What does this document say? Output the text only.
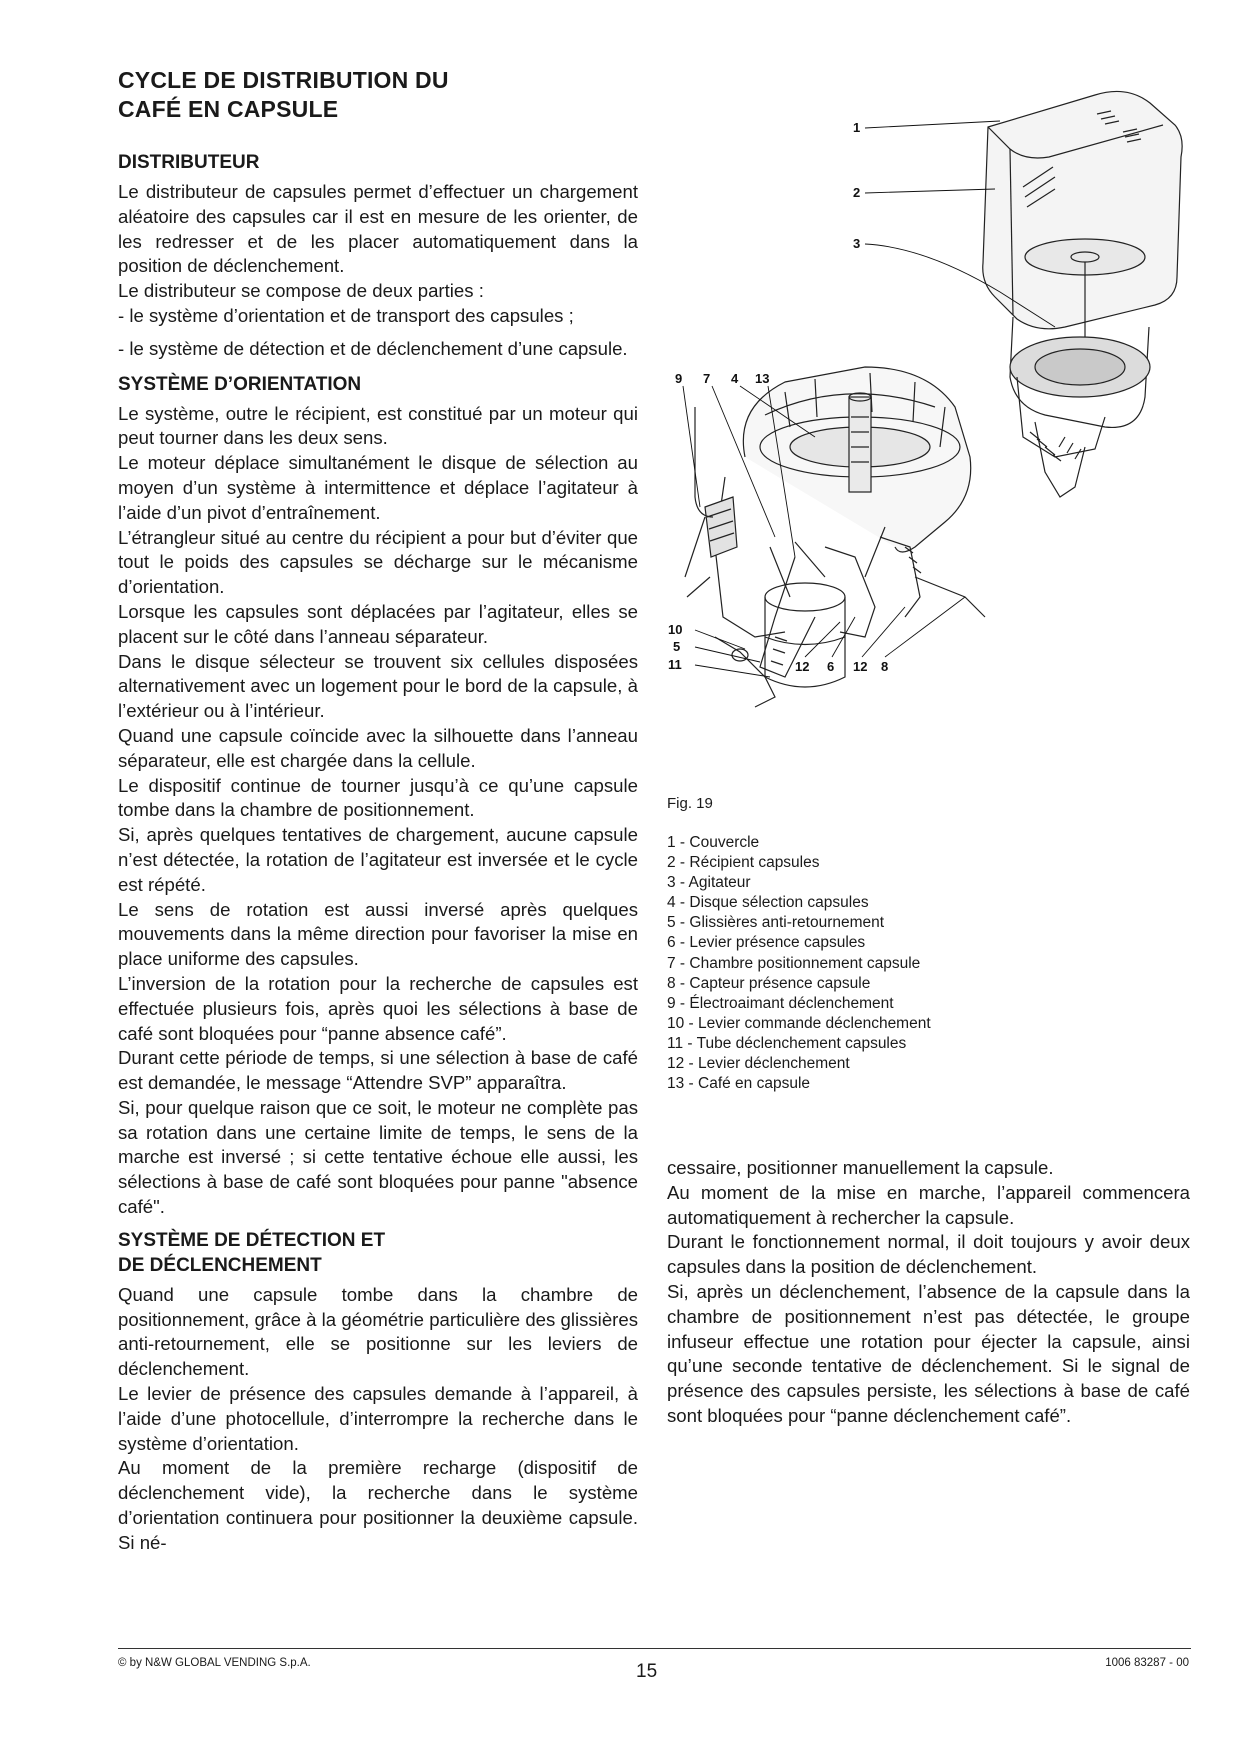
CYCLE DE DISTRIBUTION DU
CAFÉ EN CAPSULE
DISTRIBUTEUR

Le distributeur de capsules permet d’effectuer un chargement aléatoire des capsules car il est en mesure de les orienter, de les redresser et de les placer automatiquement dans la position de déclenchement.

Le distributeur se compose de deux parties :

- le système d’orientation et de transport des capsules ;

- le système de détection et de déclenchement d’une capsule.

SYSTÈME D’ORIENTATION

Le système, outre le récipient, est constitué par un moteur qui peut tourner dans les deux sens.

Le moteur déplace simultanément le disque de sélection au moyen d’un système à intermittence et déplace l’agitateur à l’aide d’un pivot d’entraînement.

L’étrangleur situé au centre du récipient a pour but d’éviter que tout le poids des capsules se décharge sur le mécanisme d’orientation.

Lorsque les capsules sont déplacées par l’agitateur, elles se placent sur le côté dans l’anneau séparateur.

Dans le disque sélecteur se trouvent six cellules disposées alternativement avec un logement pour le bord de la capsule, à l’extérieur ou à l’intérieur.

Quand une capsule coïncide avec la silhouette dans l’anneau séparateur, elle est chargée dans la cellule.

Le dispositif continue de tourner jusqu’à ce qu’une capsule tombe dans la chambre de positionnement.

Si, après quelques tentatives de chargement, aucune capsule n’est détectée, la rotation de l’agitateur est inversée et le cycle est répété.

Le sens de rotation est aussi inversé après quelques mouvements dans la même direction pour favoriser la mise en place uniforme des capsules.

L’inversion de la rotation pour la recherche de capsules est effectuée plusieurs fois, après quoi les sélections à base de café sont bloquées pour “panne absence café”.

Durant cette période de temps, si une sélection à base de café est demandée, le message “Attendre SVP” apparaîtra.

Si, pour quelque raison que ce soit, le moteur ne complète pas sa rotation dans une certaine limite de temps, le sens de la marche est inversé ; si cette tentative échoue elle aussi, les sélections à base de café sont bloquées pour panne "absence café".

SYSTÈME DE DÉTECTION ET
DE DÉCLENCHEMENT

Quand une capsule tombe dans la chambre de positionnement, grâce à la géométrie particulière des glissières anti-retournement, elle se positionne sur les leviers de déclenchement.

Le levier de présence des capsules demande à l’appareil, à l’aide d’une photocellule, d’interrompre la recherche dans le système d’orientation.

Au moment de la première recharge (dispositif de déclenchement vide), la recherche dans le système d’orientation continuera pour positionner la deuxième capsule. Si né-

1
2
3
9 7 4 13
10
5
11	12 6 12 8
Fig. 19
1 - Couvercle
2 - Récipient capsules
3 - Agitateur
4 - Disque sélection capsules
5 - Glissières anti-retournement
6 - Levier présence capsules
7 - Chambre positionnement capsule
8 - Capteur présence capsule
9 - Électroaimant déclenchement
10 - Levier commande déclenchement
11 - Tube déclenchement capsules
12 - Levier déclenchement
13 - Café en capsule

cessaire, positionner manuellement la capsule.

Au moment de la mise en marche, l’appareil commencera automatiquement à rechercher la capsule.

Durant le fonctionnement normal, il doit toujours y avoir deux capsules dans la position de déclenchement.

Si, après un déclenchement, l’absence de la capsule dans la chambre de positionnement n’est pas détectée, le groupe infuseur effectue une rotation pour éjecter la capsule, ainsi qu’une seconde tentative de déclenchement. Si le signal de présence des capsules persiste, les sélections à base de café sont bloquées pour “panne déclenchement café”.

© by N&W GLOBAL VENDING S.p.A.	15	1006 83287 - 00
